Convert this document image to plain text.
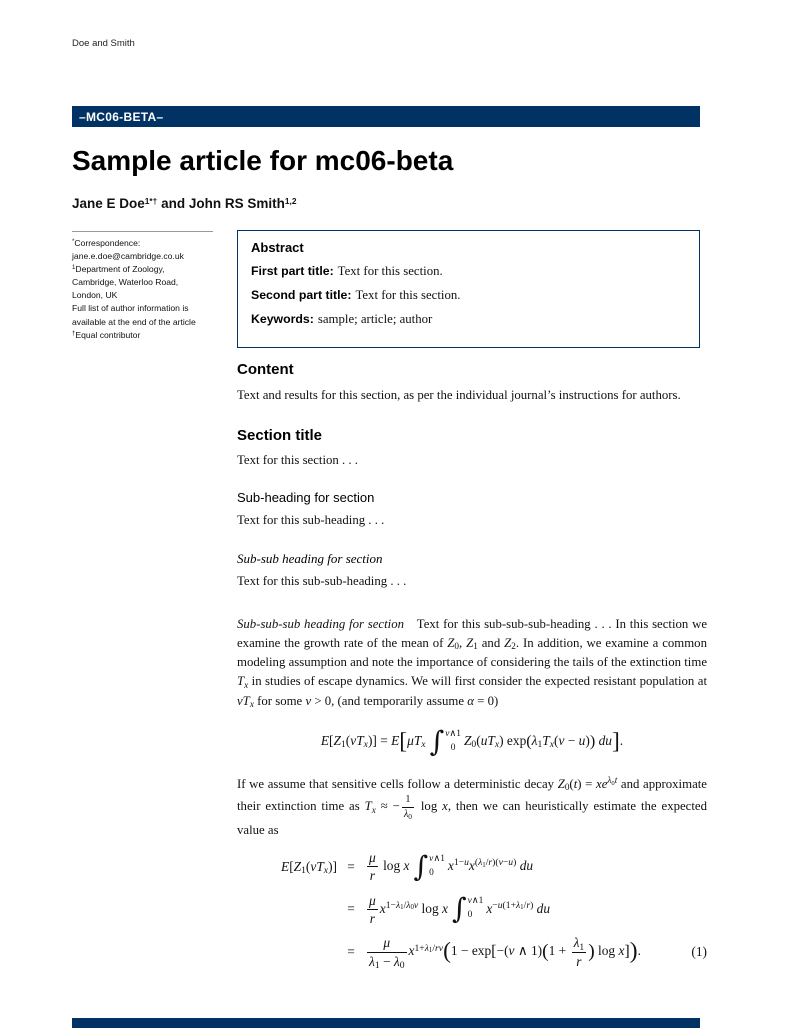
Doe and Smith
–MC06-BETA–
Sample article for mc06-beta
Jane E Doe$^{1*\dagger}$ and John RS Smith$^{1,2}$
*Correspondence:
jane.e.doe@cambridge.co.uk
$^1$Department of Zoology,
Cambridge, Waterloo Road,
London, UK
Full list of author information is
available at the end of the article
†Equal contributor
Abstract
First part title: Text for this section.
Second part title: Text for this section.
Keywords: sample; article; author
Content

Text and results for this section, as per the individual journal’s instructions for authors.

Section title

Text for this section . . .

Sub-heading for section

Text for this sub-heading . . .

Sub-sub heading for section

Text for this sub-sub-heading . . .

Sub-sub-sub heading for section  Text for this sub-sub-sub-heading . . . In this section we examine the growth rate of the mean of $Z_0$, $Z_1$ and $Z_2$. In addition, we examine a common modeling assumption and note the importance of considering the tails of the extinction time $T_x$ in studies of escape dynamics. We will first consider the expected resistant population at $vT_x$ for some v > 0, (and temporarily assume α = 0)

$E[Z_1(vT_x)] = E[\mu T_x$ ∫ v∧1
0 $Z_0(uT_x) \exp(\lambda_1T_x(v - u))$ du].

If we assume that sensitive cells follow a deterministic decay $Z_0(t) = xe^{\lambda_0t}$ and approximate their extinction time as $T_x$ ≈ − $\frac{1}{\lambda_0}$ log x, then we can heuristically estimate the expected value as

$E[Z_1(vT_x)] = \frac{\mu}{r}$ log x ∫ v∧1
0	$x^{1-u}x^{(\lambda_1/r)(v-u)}$ du
= $\frac{\mu}{r} x^{1-\lambda_1/\lambda_0v}$ log x ∫ v∧1
0	$x^{-u(1+\lambda_1/r)}$ du
= $\frac{\mu}{\lambda_1 - \lambda_0} x^{1+\lambda_1/rv}(1 - \exp[-(v$ ∧ $1)(1 + \frac{\lambda_1}{r}$ ) log x]).	(1)
